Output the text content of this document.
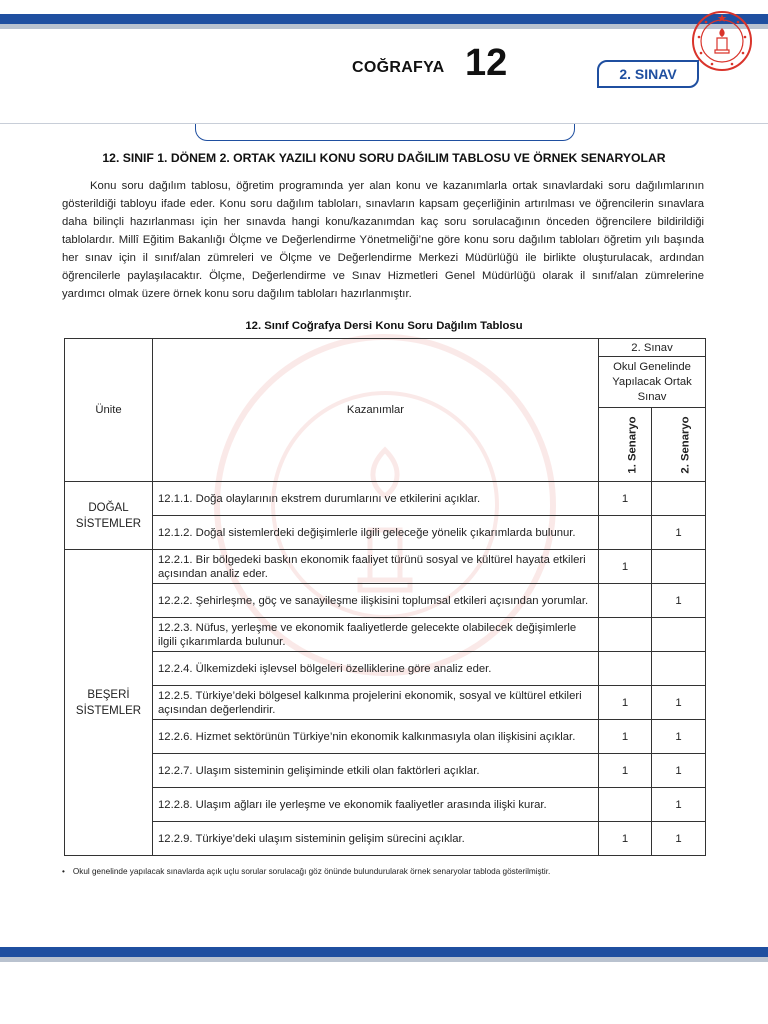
COĞRAFYA 12	2. SINAV
12. SINIF 1. DÖNEM 2. ORTAK YAZILI KONU SORU DAĞILIM TABLOSU VE ÖRNEK SENARYOLAR

Konu soru dağılım tablosu, öğretim programında yer alan konu ve kazanımlarla ortak sınavlardaki soru dağılımlarının gösterildiği tabloyu ifade eder. Konu soru dağılım tabloları, sınavların kapsam geçerliğinin artırılması ve öğrencilerin sınavlara daha bilinçli hazırlanması için her sınavda hangi konu/kazanımdan kaç soru sorulacağının önceden öğrencilere bildirildiği tablolardır. Millî Eğitim Bakanlığı Ölçme ve Değerlendirme Yönetmeliği’ne göre konu soru dağılım tabloları öğretim yılı başında her sınav için il sınıf/alan zümreleri ve Ölçme ve Değerlendirme Merkezi Müdürlüğü ile birlikte oluşturulacak, ardından öğrencilerle paylaşılacaktır. Ölçme, Değerlendirme ve Sınav Hizmetleri Genel Müdürlüğü olarak il sınıf/alan zümrelerine yardımcı olmak üzere örnek konu soru dağılım tabloları hazırlanmıştır.

12. Sınıf Coğrafya Dersi Konu Soru Dağılım Tablosu
Ünite	Kazanımlar	2. Sınav	
		Okul Genelinde Yapılacak Ortak Sınav	
		1. Senaryo	2. Senaryo
DOĞAL SİSTEMLER	12.1.1. Doğa olaylarının ekstrem durumlarını ve etkilerini açıklar.	1	
	12.1.2. Doğal sistemlerdeki değişimlerle ilgili geleceğe yönelik çıkarımlarda bulunur.		1
BEŞERİ SİSTEMLER	12.2.1. Bir bölgedeki baskın ekonomik faaliyet türünü sosyal ve kültürel hayata etkileri açısından analiz eder.	1	
	12.2.2. Şehirleşme, göç ve sanayileşme ilişkisini toplumsal etkileri açısından yorumlar.		1
	12.2.3. Nüfus, yerleşme ve ekonomik faaliyetlerde gelecekte olabilecek değişimlerle ilgili çıkarımlarda bulunur.		
	12.2.4. Ülkemizdeki işlevsel bölgeleri özelliklerine göre analiz eder.		
	12.2.5. Türkiye’deki bölgesel kalkınma projelerini ekonomik, sosyal ve kültürel etkileri açısından değerlendirir.	1	1
	12.2.6. Hizmet sektörünün Türkiye’nin ekonomik kalkınmasıyla olan ilişkisini açıklar.	1	1
	12.2.7. Ulaşım sisteminin gelişiminde etkili olan faktörleri açıklar.	1	1
	12.2.8. Ulaşım ağları ile yerleşme ve ekonomik faaliyetler arasında ilişki kurar.		1
	12.2.9. Türkiye’deki ulaşım sisteminin gelişim sürecini açıklar.	1	1
• Okul genelinde yapılacak sınavlarda açık uçlu sorular sorulacağı göz önünde bulundurularak örnek senaryolar tabloda gösterilmiştir.
